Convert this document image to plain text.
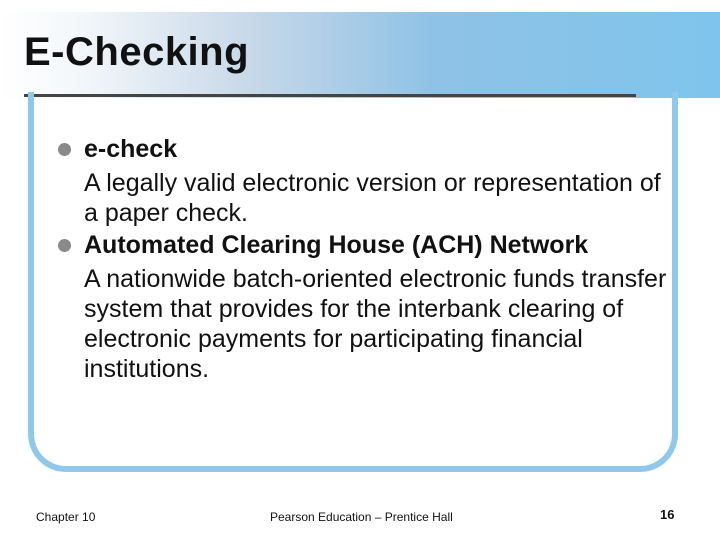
E-Checking
e-check
A legally valid electronic version or representation of a paper check.
Automated Clearing House (ACH) Network
A nationwide batch-oriented electronic funds transfer system that provides for the interbank clearing of electronic payments for participating financial institutions.
Chapter 10	Pearson Education – Prentice Hall	16
